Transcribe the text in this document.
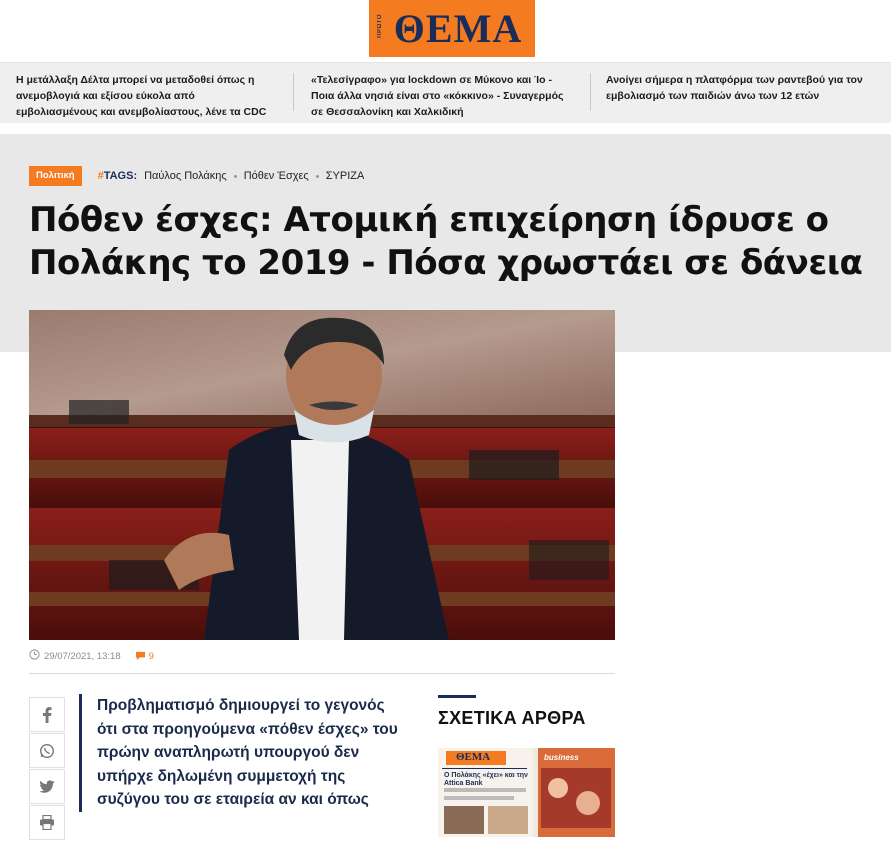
ΠΡΩΤΟ ΘΕΜΑ
Η μετάλλαξη Δέλτα μπορεί να μεταδοθεί όπως η ανεμοβλογιά και εξίσου εύκολα από εμβολιασμένους και ανεμβολίαστους, λένε τα CDC
«Τελεσίγραφο» για lockdown σε Μύκονο και Ίο - Ποια άλλα νησιά είναι στο «κόκκινο» - Συναγερμός σε Θεσσαλονίκη και Χαλκιδική
Ανοίγει σήμερα η πλατφόρμα των ραντεβού για τον εμβολιασμό των παιδιών άνω των 12 ετών
Πολιτική	#TAGS: Παύλος Πολάκης Πόθεν Έσχες ΣΥΡΙΖΑ
Πόθεν έσχες: Ατομική επιχείρηση ίδρυσε ο Πολάκης το 2019 - Πόσα χρωστάει σε δάνεια
29/07/2021, 13:18	9

Προβληματισμό δημιουργεί το γεγονός ότι στα προηγούμενα «πόθεν έσχες» του πρώην αναπληρωτή υπουργού δεν υπήρχε δηλωμένη συμμετοχή της συζύγου του σε εταιρεία αν και όπως

ΣΧΕΤΙΚΑ ΑΡΘΡΑ
ΘΕΜΑ	business
Ο Πολάκης «έχει» και την Attica Bank
